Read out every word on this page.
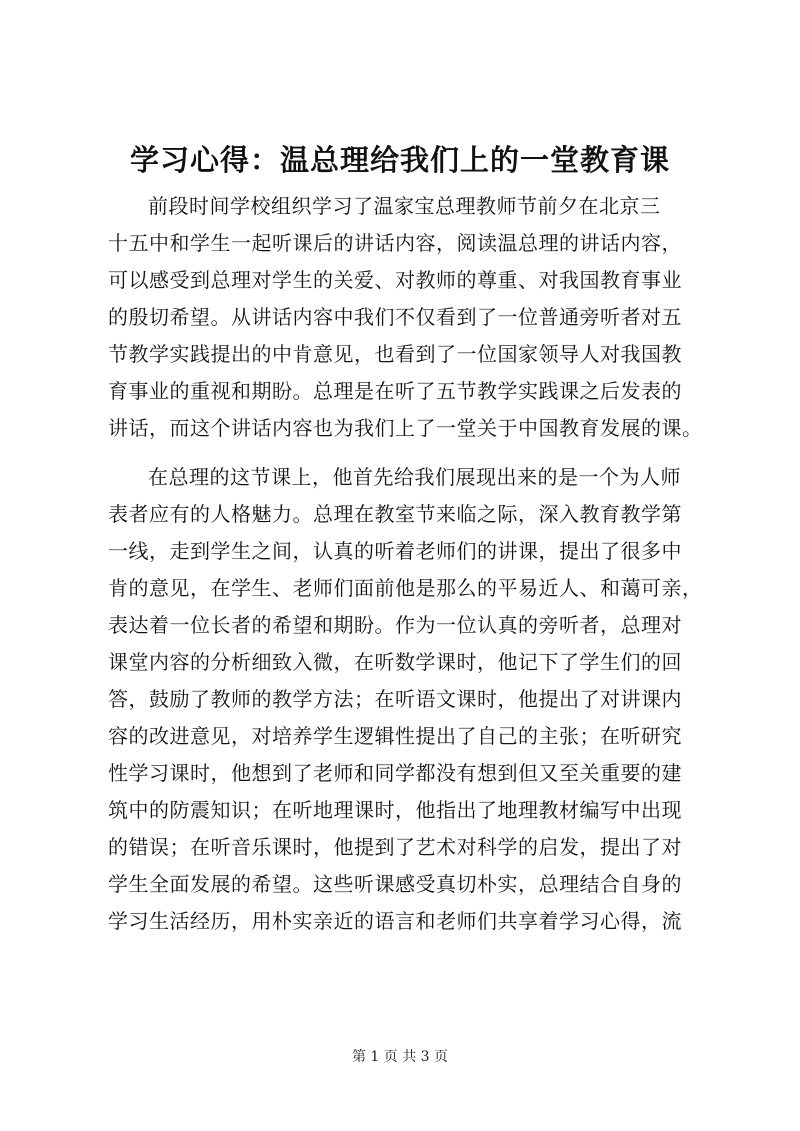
学习心得：温总理给我们上的一堂教育课
前段时间学校组织学习了温家宝总理教师节前夕在北京三
十五中和学生一起听课后的讲话内容，阅读温总理的讲话内容，
可以感受到总理对学生的关爱、对教师的尊重、对我国教育事业
的殷切希望。从讲话内容中我们不仅看到了一位普通旁听者对五
节教学实践提出的中肯意见，也看到了一位国家领导人对我国教
育事业的重视和期盼。总理是在听了五节教学实践课之后发表的
讲话，而这个讲话内容也为我们上了一堂关于中国教育发展的课。
在总理的这节课上，他首先给我们展现出来的是一个为人师
表者应有的人格魅力。总理在教室节来临之际，深入教育教学第
一线，走到学生之间，认真的听着老师们的讲课，提出了很多中
肯的意见，在学生、老师们面前他是那么的平易近人、和蔼可亲，
表达着一位长者的希望和期盼。作为一位认真的旁听者，总理对
课堂内容的分析细致入微，在听数学课时，他记下了学生们的回
答，鼓励了教师的教学方法；在听语文课时，他提出了对讲课内
容的改进意见，对培养学生逻辑性提出了自己的主张；在听研究
性学习课时，他想到了老师和同学都没有想到但又至关重要的建
筑中的防震知识；在听地理课时，他指出了地理教材编写中出现
的错误；在听音乐课时，他提到了艺术对科学的启发，提出了对
学生全面发展的希望。这些听课感受真切朴实，总理结合自身的
学习生活经历，用朴实亲近的语言和老师们共享着学习心得，流
第 1 页 共 3 页
